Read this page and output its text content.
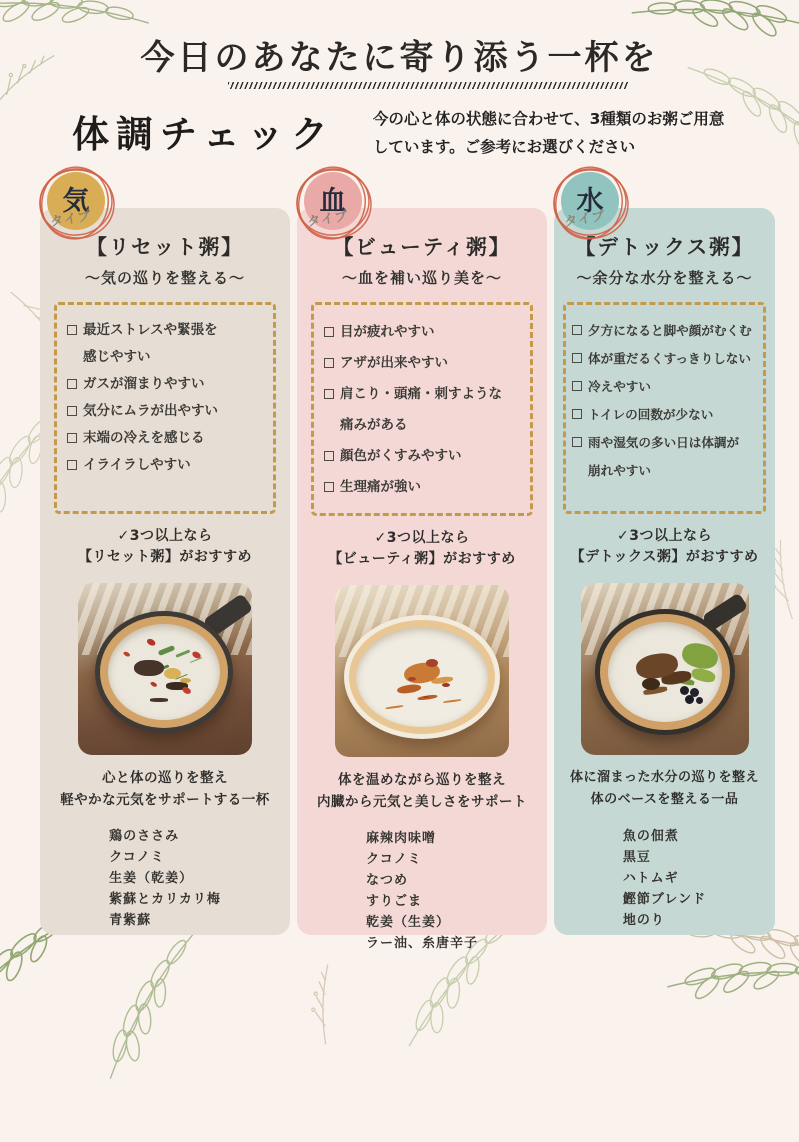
今日のあなたに寄り添う一杯を
体調チェック 今の心と体の状態に合わせて、3種類のお粥ご用意
しています。ご参考にお選びください
気
タイプ
【リセット粥】
〜気の巡りを整える〜
最近ストレスや緊張を
感じやすい
ガスが溜まりやすい
気分にムラが出やすい
末端の冷えを感じる
イライラしやすい
✓3つ以上なら
【リセット粥】がおすすめ
心と体の巡りを整え
軽やかな元気をサポートする一杯
鶏のささみ
クコノミ
生姜（乾姜）
紫蘇とカリカリ梅
青紫蘇
血
タイプ
【ビューティ粥】
〜血を補い巡り美を〜
目が疲れやすい
アザが出来やすい
肩こり・頭痛・刺すような
痛みがある
顔色がくすみやすい
生理痛が強い
✓3つ以上なら
【ビューティ粥】がおすすめ
体を温めながら巡りを整え
内臓から元気と美しさをサポート
麻辣肉味噌
クコノミ
なつめ
すりごま
乾姜（生姜）
ラー油、糸唐辛子
水
タイプ
【デトックス粥】
〜余分な水分を整える〜
夕方になると脚や顔がむくむ
体が重だるくすっきりしない
冷えやすい
トイレの回数が少ない
雨や湿気の多い日は体調が
崩れやすい
✓3つ以上なら
【デトックス粥】がおすすめ
体に溜まった水分の巡りを整え
体のベースを整える一品
魚の佃煮
黒豆
ハトムギ
鰹節ブレンド
地のり
